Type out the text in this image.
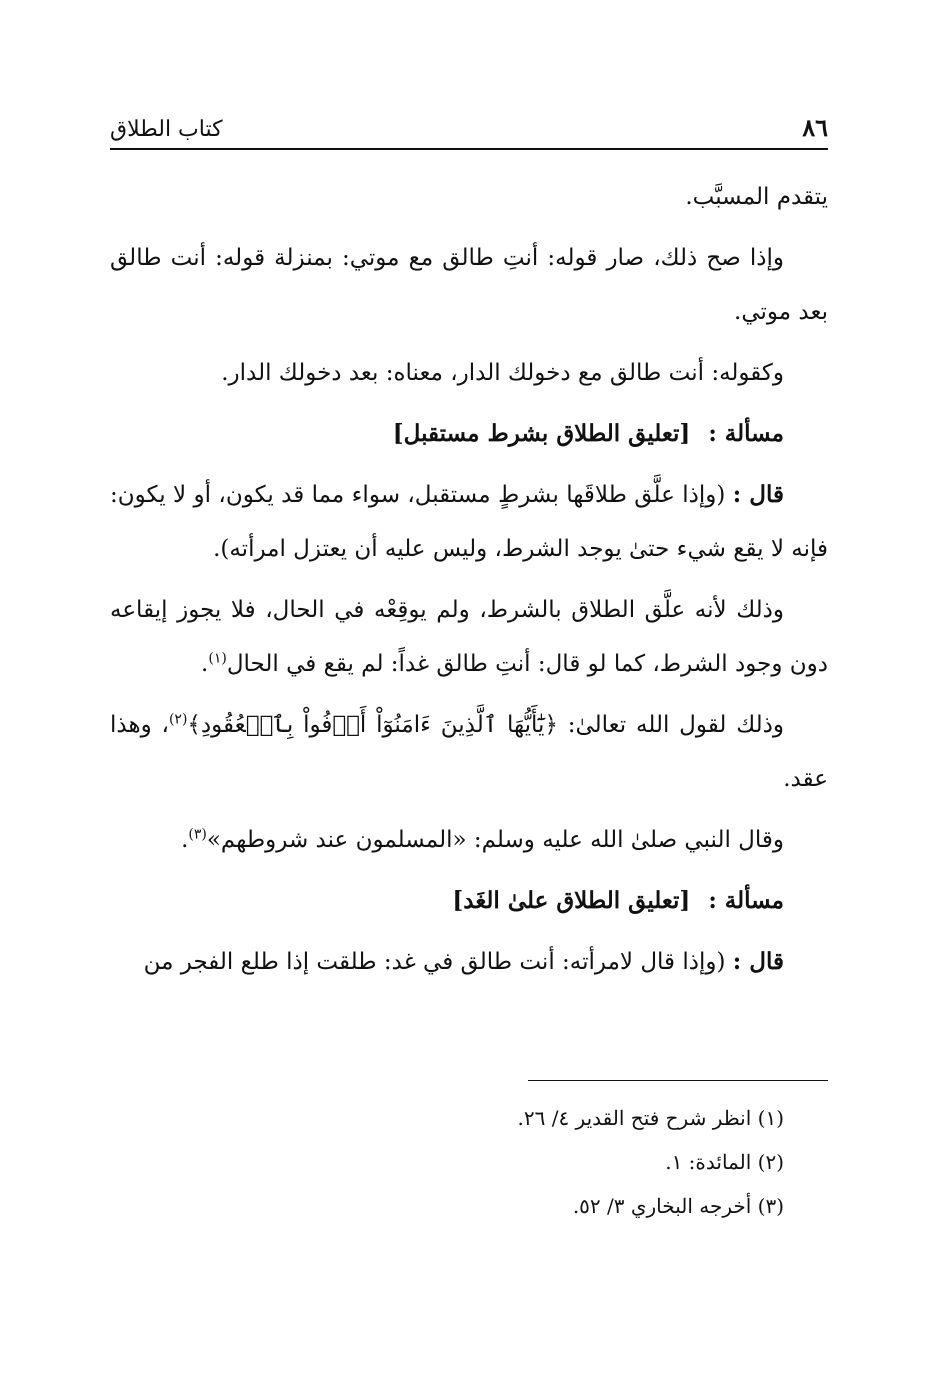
٨٦
كتاب الطلاق

يتقدم المسبَّب.

وإذا صح ذلك، صار قوله: أنتِ طالق مع موتي: بمنزلة قوله: أنت طالق بعد موتي.

وكقوله: أنت طالق مع دخولك الدار، معناه: بعد دخولك الدار.

مسألة : [تعليق الطلاق بشرط مستقبل]

قال : (وإذا علَّق طلاقَها بشرطٍ مستقبل، سواء مما قد يكون، أو لا يكون: فإنه لا يقع شيء حتىٰ يوجد الشرط، وليس عليه أن يعتزل امرأته).

وذلك لأنه علَّق الطلاق بالشرط، ولم يوقِعْه في الحال، فلا يجوز إيقاعه دون وجود الشرط، كما لو قال: أنتِ طالق غداً: لم يقع في الحال$^{(١)}$.

وذلك لقول الله تعالىٰ: ﴿يَٰٓأَيُّهَا ٱلَّذِينَ ءَامَنُوٓاْ أَوۡفُواْ بِٱلۡعُقُودِ﴾$^{(٢)}$، وهذا عقد.

وقال النبي صلىٰ الله عليه وسلم: «المسلمون عند شروطهم»$^{(٣)}$.

مسألة : [تعليق الطلاق علىٰ الغَد]

قال : (وإذا قال لامرأته: أنت طالق في غد: طلقت إذا طلع الفجر من

(١) انظر شرح فتح القدير ٤/ ٢٦.
(٢) المائدة: ١.
(٣) أخرجه البخاري ٣/ ٥٢.
